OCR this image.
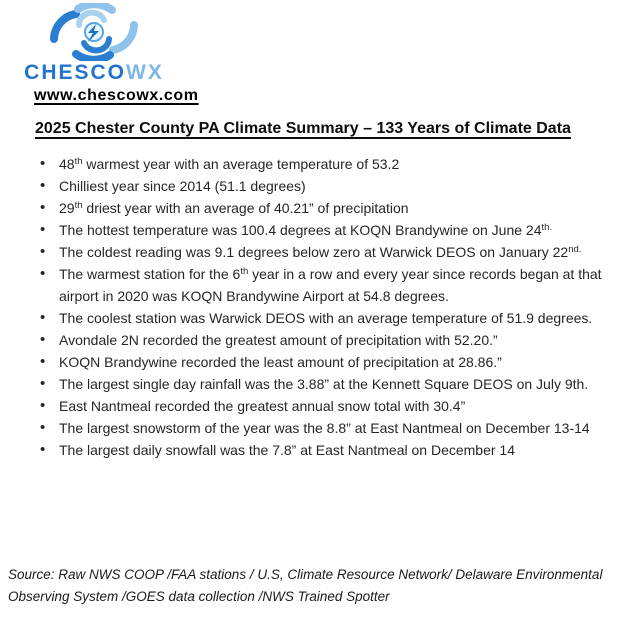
CHESCOWX
www.chescowx.com
2025 Chester County PA Climate Summary – 133 Years of Climate Data
• 48th warmest year with an average temperature of 53.2
• Chilliest year since 2014 (51.1 degrees)
• 29th driest year with an average of 40.21” of precipitation
• The hottest temperature was 100.4 degrees at KOQN Brandywine on June $24^{th.}$
• The coldest reading was 9.1 degrees below zero at Warwick DEOS on January $22^{nd.}$
• The warmest station for the 6th year in a row and every year since records began at that airport in 2020 was KOQN Brandywine Airport at 54.8 degrees.
• The coolest station was Warwick DEOS with an average temperature of 51.9 degrees.
• Avondale 2N recorded the greatest amount of precipitation with 52.20.”
• KOQN Brandywine recorded the least amount of precipitation at 28.86.”
• The largest single day rainfall was the 3.88” at the Kennett Square DEOS on July 9th.
• East Nantmeal recorded the greatest annual snow total with 30.4”
• The largest snowstorm of the year was the 8.8” at East Nantmeal on December 13-14
• The largest daily snowfall was the 7.8” at East Nantmeal on December 14

Source: Raw NWS COOP /FAA stations / U.S, Climate Resource Network/ Delaware Environmental Observing System /GOES data collection /NWS Trained Spotter
